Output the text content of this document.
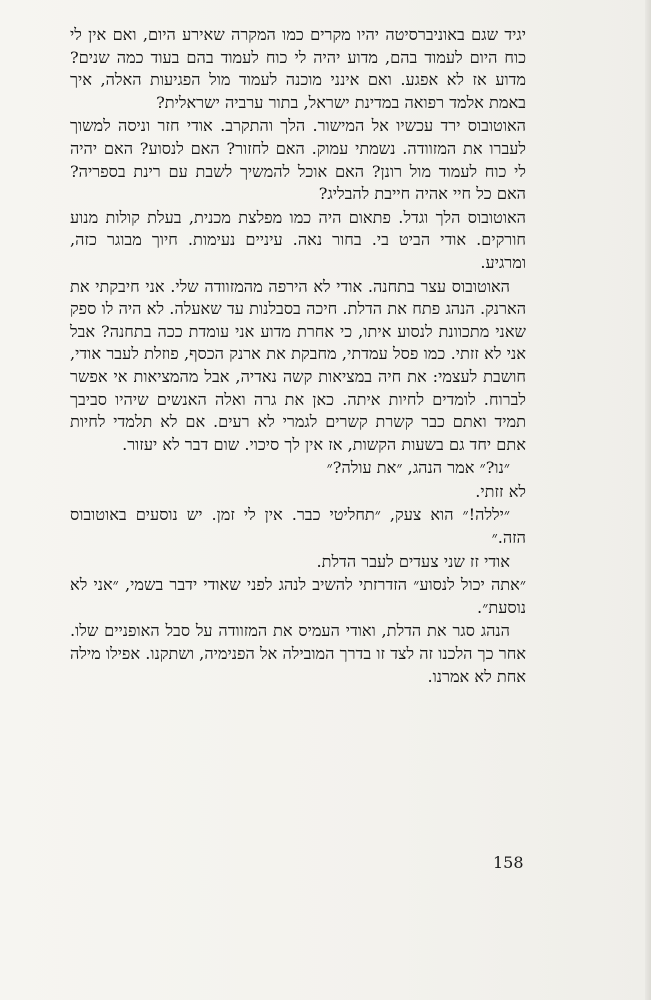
יגיד שגם באוניברסיטה יהיו מקרים כמו המקרה שאירע היום, ואם אין לי כוח היום לעמוד בהם, מדוע יהיה לי כוח לעמוד בהם בעוד כמה שנים? מדוע אז לא אפגע. ואם אינני מוכנה לעמוד מול הפגיעות האלה, איך באמת אלמד רפואה במדינת ישראל, בתור ערביה ישראלית?

האוטובוס ירד עכשיו אל המישור. הלך והתקרב. אודי חזר וניסה למשוך לעברו את המזוודה. נשמתי עמוק. האם לחזור? האם לנסוע? האם יהיה לי כוח לעמוד מול רונן? האם אוכל להמשיך לשבת עם רינת בספריה? האם כל חיי אהיה חייבת להבליג?

האוטובוס הלך וגדל. פתאום היה כמו מפלצת מכנית, בעלת קולות מנוע חורקים. אודי הביט בי. בחור נאה. עיניים נעימות. חיוך מבוגר כזה, ומרגיע.

האוטובוס עצר בתחנה. אודי לא הירפה מהמזוודה שלי. אני חיבקתי את הארנק. הנהג פתח את הדלת. חיכה בסבלנות עד שאעלה. לא היה לו ספק שאני מתכוונת לנסוע איתו, כי אחרת מדוע אני עומדת ככה בתחנה? אבל אני לא זזתי. כמו פסל עמדתי, מחבקת את ארנק הכסף, פוזלת לעבר אודי, חושבת לעצמי: את חיה במציאות קשה נאדיה, אבל מהמציאות אי אפשר לברוח. לומדים לחיות איתה. כאן את גרה ואלה האנשים שיהיו סביבך תמיד ואתם כבר קשרת קשרים לגמרי לא רעים. אם לא תלמדי לחיות אתם יחד גם בשעות הקשות, אז אין לך סיכוי. שום דבר לא יעזור.

״נו?״ אמר הנהג, ״את עולה?״

לא זזתי.

״יללה!״ הוא צעק, ״תחליטי כבר. אין לי זמן. יש נוסעים באוטובוס הזה.״

אודי זז שני צעדים לעבר הדלת.

״אתה יכול לנסוע״ הזדרזתי להשיב לנהג לפני שאודי ידבר בשמי, ״אני לא נוסעת״.

הנהג סגר את הדלת, ואודי העמיס את המזוודה על סבל האופניים שלו. אחר כך הלכנו זה לצד זו בדרך המובילה אל הפנימיה, ושתקנו. אפילו מילה אחת לא אמרנו.

158
